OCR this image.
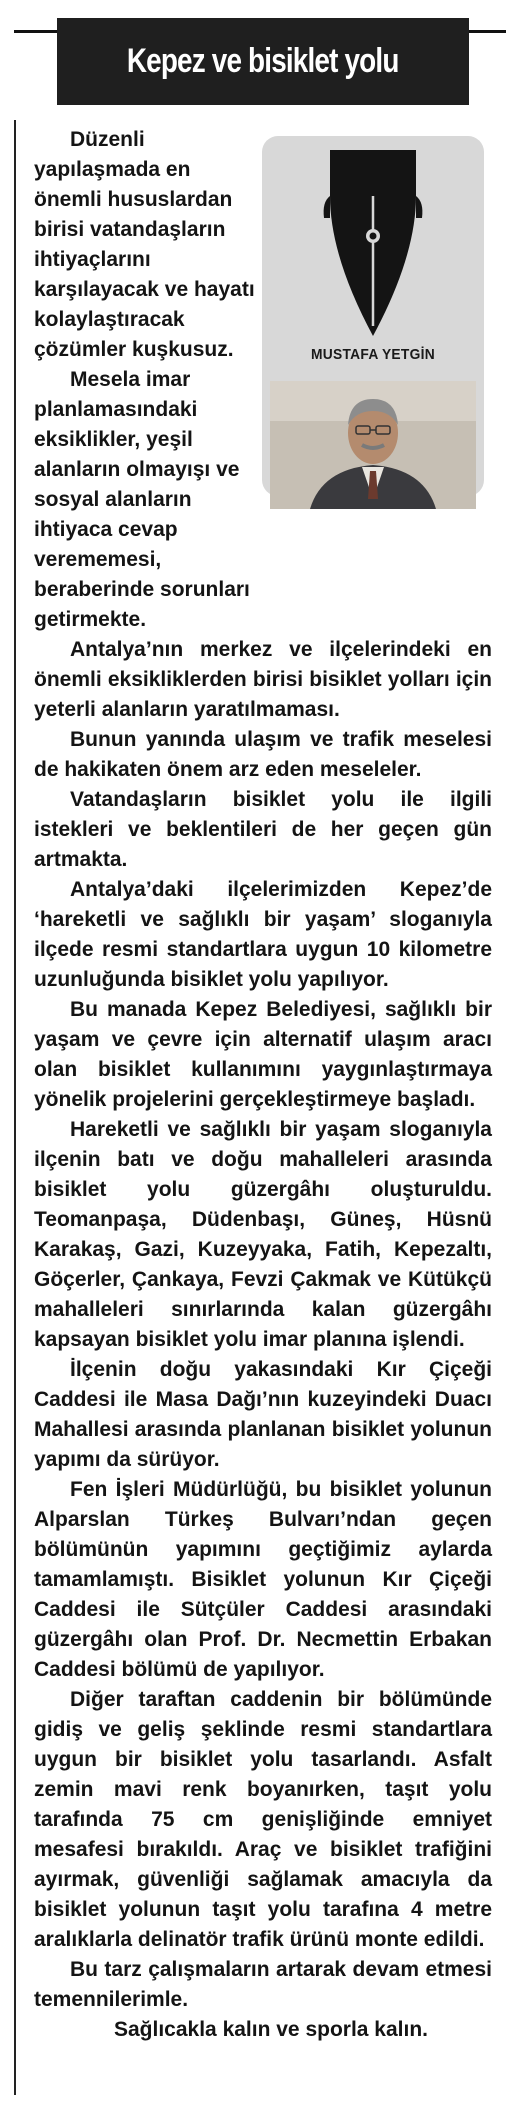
Kepez ve bisiklet yolu
MUSTAFA YETGİN

Düzenli yapılaşmada en önemli hususlardan birisi vatandaşların ihtiyaçlarını karşılayacak ve hayatı kolaylaştıracak çözümler kuşkusuz.

Mesela imar planlamasındaki eksiklikler, yeşil alanların olmayışı ve sosyal alanların ihtiyaca cevap verememesi, beraberinde sorunları getirmekte.

Antalya’nın merkez ve ilçelerindeki en önemli eksikliklerden birisi bisiklet yolları için yeterli alanların yaratılmaması.

Bunun yanında ulaşım ve trafik meselesi de hakikaten önem arz eden meseleler.

Vatandaşların bisiklet yolu ile ilgili istekleri ve beklentileri de her geçen gün artmakta.

Antalya’daki ilçelerimizden Kepez’de ‘hareketli ve sağlıklı bir yaşam’ sloganıyla ilçede resmi standartlara uygun 10 kilometre uzunluğunda bisiklet yolu yapılıyor.

Bu manada Kepez Belediyesi, sağlıklı bir yaşam ve çevre için alternatif ulaşım aracı olan bisiklet kullanımını yaygınlaştırmaya yönelik projelerini gerçekleştirmeye başladı.

Hareketli ve sağlıklı bir yaşam sloganıyla ilçenin batı ve doğu mahalleleri arasında bisiklet yolu güzergâhı oluşturuldu. Teomanpaşa, Düdenbaşı, Güneş, Hüsnü Karakaş, Gazi, Kuzeyyaka, Fatih, Kepezaltı, Göçerler, Çankaya, Fevzi Çakmak ve Kütükçü mahalleleri sınırlarında kalan güzergâhı kapsayan bisiklet yolu imar planına işlendi.

İlçenin doğu yakasındaki Kır Çiçeği Caddesi ile Masa Dağı’nın kuzeyindeki Duacı Mahallesi arasında planlanan bisiklet yolunun yapımı da sürüyor.

Fen İşleri Müdürlüğü, bu bisiklet yolunun Alparslan Türkeş Bulvarı’ndan geçen bölümünün yapımını geçtiğimiz aylarda tamamlamıştı. Bisiklet yolunun Kır Çiçeği Caddesi ile Sütçüler Caddesi arasındaki güzergâhı olan Prof. Dr. Necmettin Erbakan Caddesi bölümü de yapılıyor.

Diğer taraftan caddenin bir bölümünde gidiş ve geliş şeklinde resmi standartlara uygun bir bisiklet yolu tasarlandı. Asfalt zemin mavi renk boyanırken, taşıt yolu tarafında 75 cm genişliğinde emniyet mesafesi bırakıldı. Araç ve bisiklet trafiğini ayırmak, güvenliği sağlamak amacıyla da bisiklet yolunun taşıt yolu tarafına 4 metre aralıklarla delinatör trafik ürünü monte edildi.

Bu tarz çalışmaların artarak devam etmesi temennilerimle.

Sağlıcakla kalın ve sporla kalın.
